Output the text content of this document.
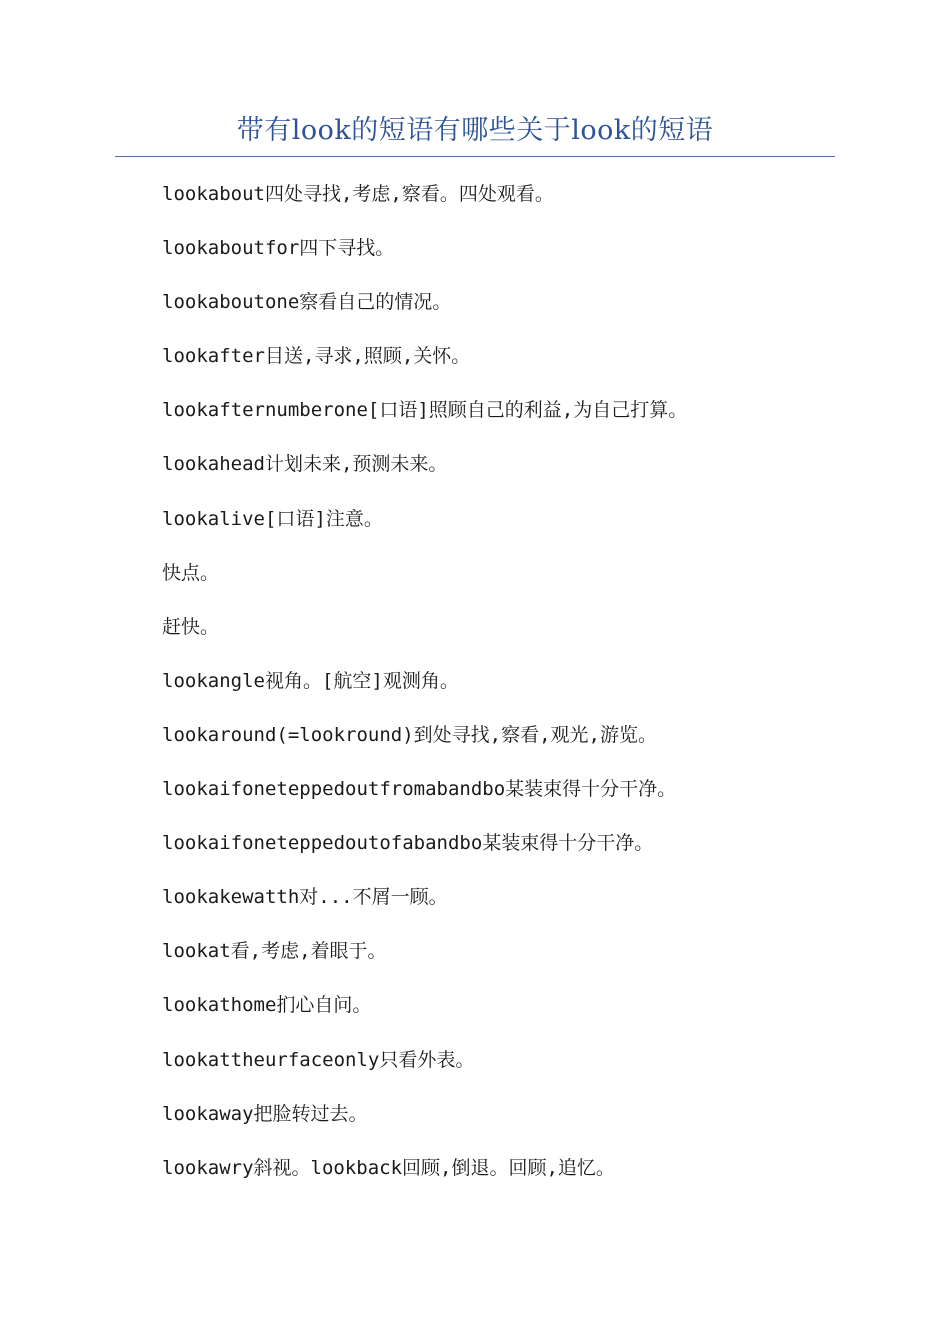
带有look的短语有哪些关于look的短语
lookabout四处寻找,考虑,察看。四处观看。
lookaboutfor四下寻找。
lookaboutone察看自己的情况。
lookafter目送,寻求,照顾,关怀。
lookafternumberone[口语]照顾自己的利益,为自己打算。
lookahead计划未来,预测未来。
lookalive[口语]注意。
快点。
赶快。
lookangle视角。[航空]观测角。
lookaround(=lookround)到处寻找,察看,观光,游览。
lookaifoneteppedoutfromabandbo某装束得十分干净。
lookaifoneteppedoutofabandbo某装束得十分干净。
lookakewatth对...不屑一顾。
lookat看,考虑,着眼于。
lookathome扪心自问。
lookattheurfaceonly只看外表。
lookaway把脸转过去。
lookawry斜视。lookback回顾,倒退。回顾,追忆。
